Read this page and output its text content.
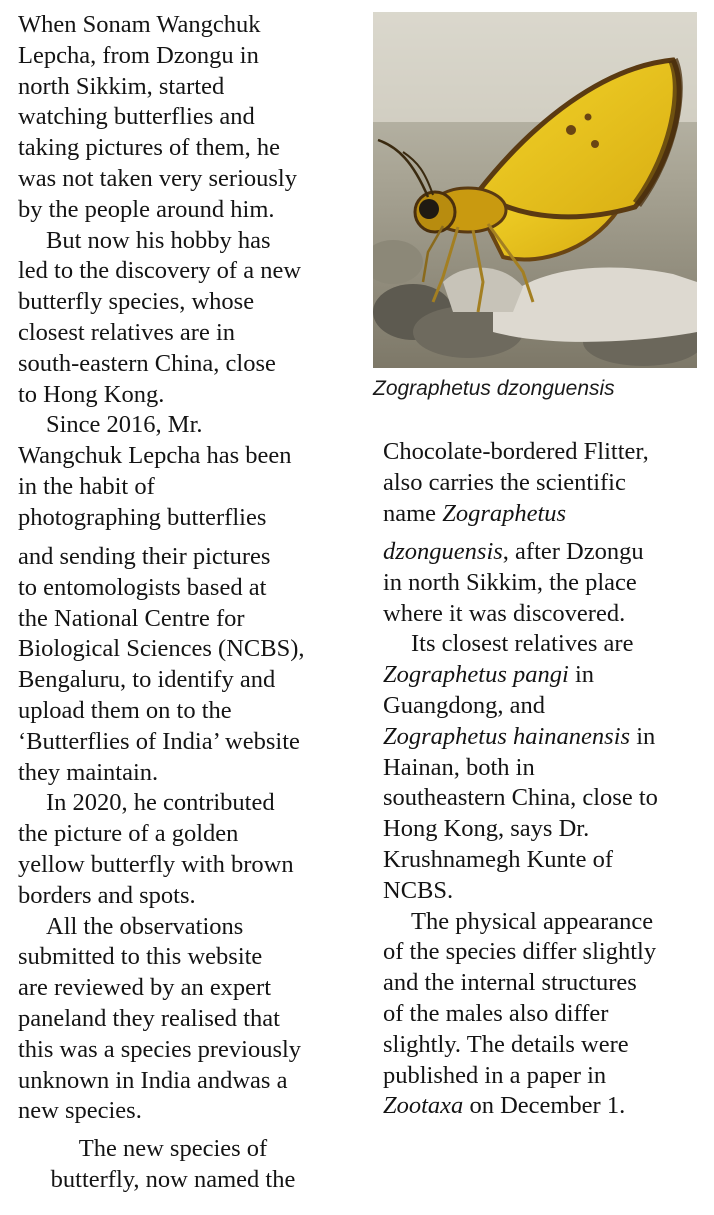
Zographetus dzonguensis
When Sonam Wangchuk
Lepcha, from Dzongu in
north Sikkim, started
watching butterflies and
taking pictures of them, he
was not taken very seriously
by the people around him.
But now his hobby has
led to the discovery of a new
butterfly species, whose
closest relatives are in
south-eastern China, close
to Hong Kong.
Since 2016, Mr.
Wangchuk Lepcha has been
in the habit of
photographing butterflies
and sending their pictures
to entomologists based at
the National Centre for
Biological Sciences (NCBS),
Bengaluru, to identify and
upload them on to the
‘Butterflies of India’ website
they maintain.
In 2020, he contributed
the picture of a golden
yellow butterfly with brown
borders and spots.
All the observations
submitted to this website
are reviewed by an expert
paneland they realised that
this was a species previously
unknown in India andwas a
new species.
The new species of
butterfly, now named the
Chocolate-bordered Flitter,
also carries the scientific
name Zographetus
dzonguensis, after Dzongu
in north Sikkim, the place
where it was discovered.
Its closest relatives are
Zographetus pangi in
Guangdong, and
Zographetus hainanensis in
Hainan, both in
southeastern China, close to
Hong Kong, says Dr.
Krushnamegh Kunte of
NCBS.
The physical appearance
of the species differ slightly
and the internal structures
of the males also differ
slightly. The details were
published in a paper in
Zootaxa on December 1.
